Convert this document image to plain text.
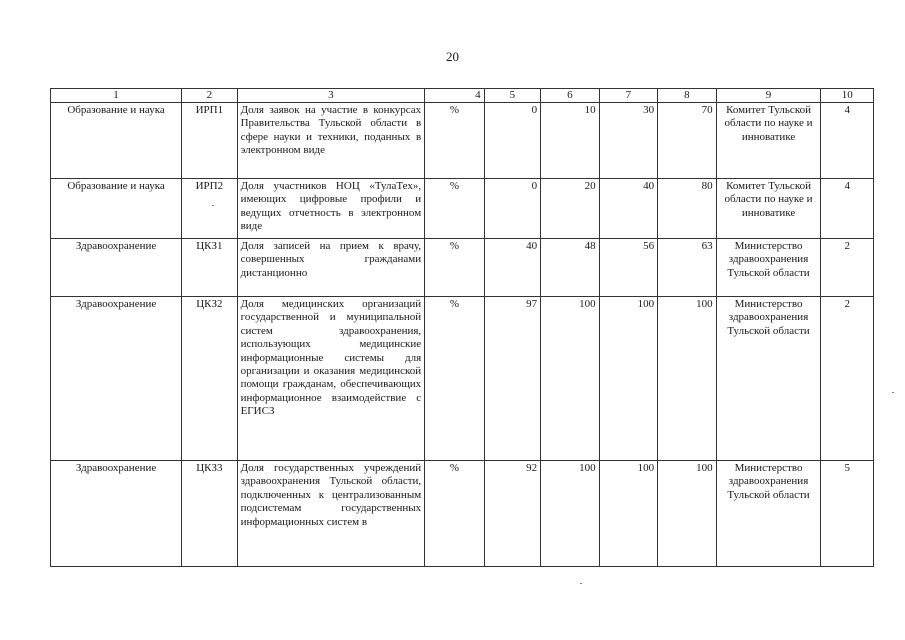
20
1	2	3	4	5	6	7	8	9	10
Образование и наука	ИРП1	Доля заявок на участие в конкурсах Правительства Тульской области в сфере науки и техники, поданных в электронном виде	%	0	10	30	70	Комитет Тульской области по науке и инноватике	4
Образование и наука	ИРП2	Доля участников НОЦ «ТулаТех», имеющих цифровые профили и ведущих отчетность в электронном виде	%	0	20	40	80	Комитет Тульской области по науке и инноватике	4
Здравоохранение	ЦКЗ1	Доля записей на прием к врачу, совершенных гражданами дистанционно	%	40	48	56	63	Министерство здравоохранения Тульской области	2
Здравоохранение	ЦКЗ2	Доля медицинских организаций государственной и муниципальной систем здравоохранения, использующих медицинские информационные системы для организации и оказания медицинской помощи гражданам, обеспечивающих информационное взаимодействие с ЕГИСЗ	%	97	100	100	100	Министерство здравоохранения Тульской области	2
Здравоохранение	ЦКЗ3	Доля государственных учреждений здравоохранения Тульской области, подключенных к централизованным подсистемам государственных информационных систем в	%	92	100	100	100	Министерство здравоохранения Тульской области	5
